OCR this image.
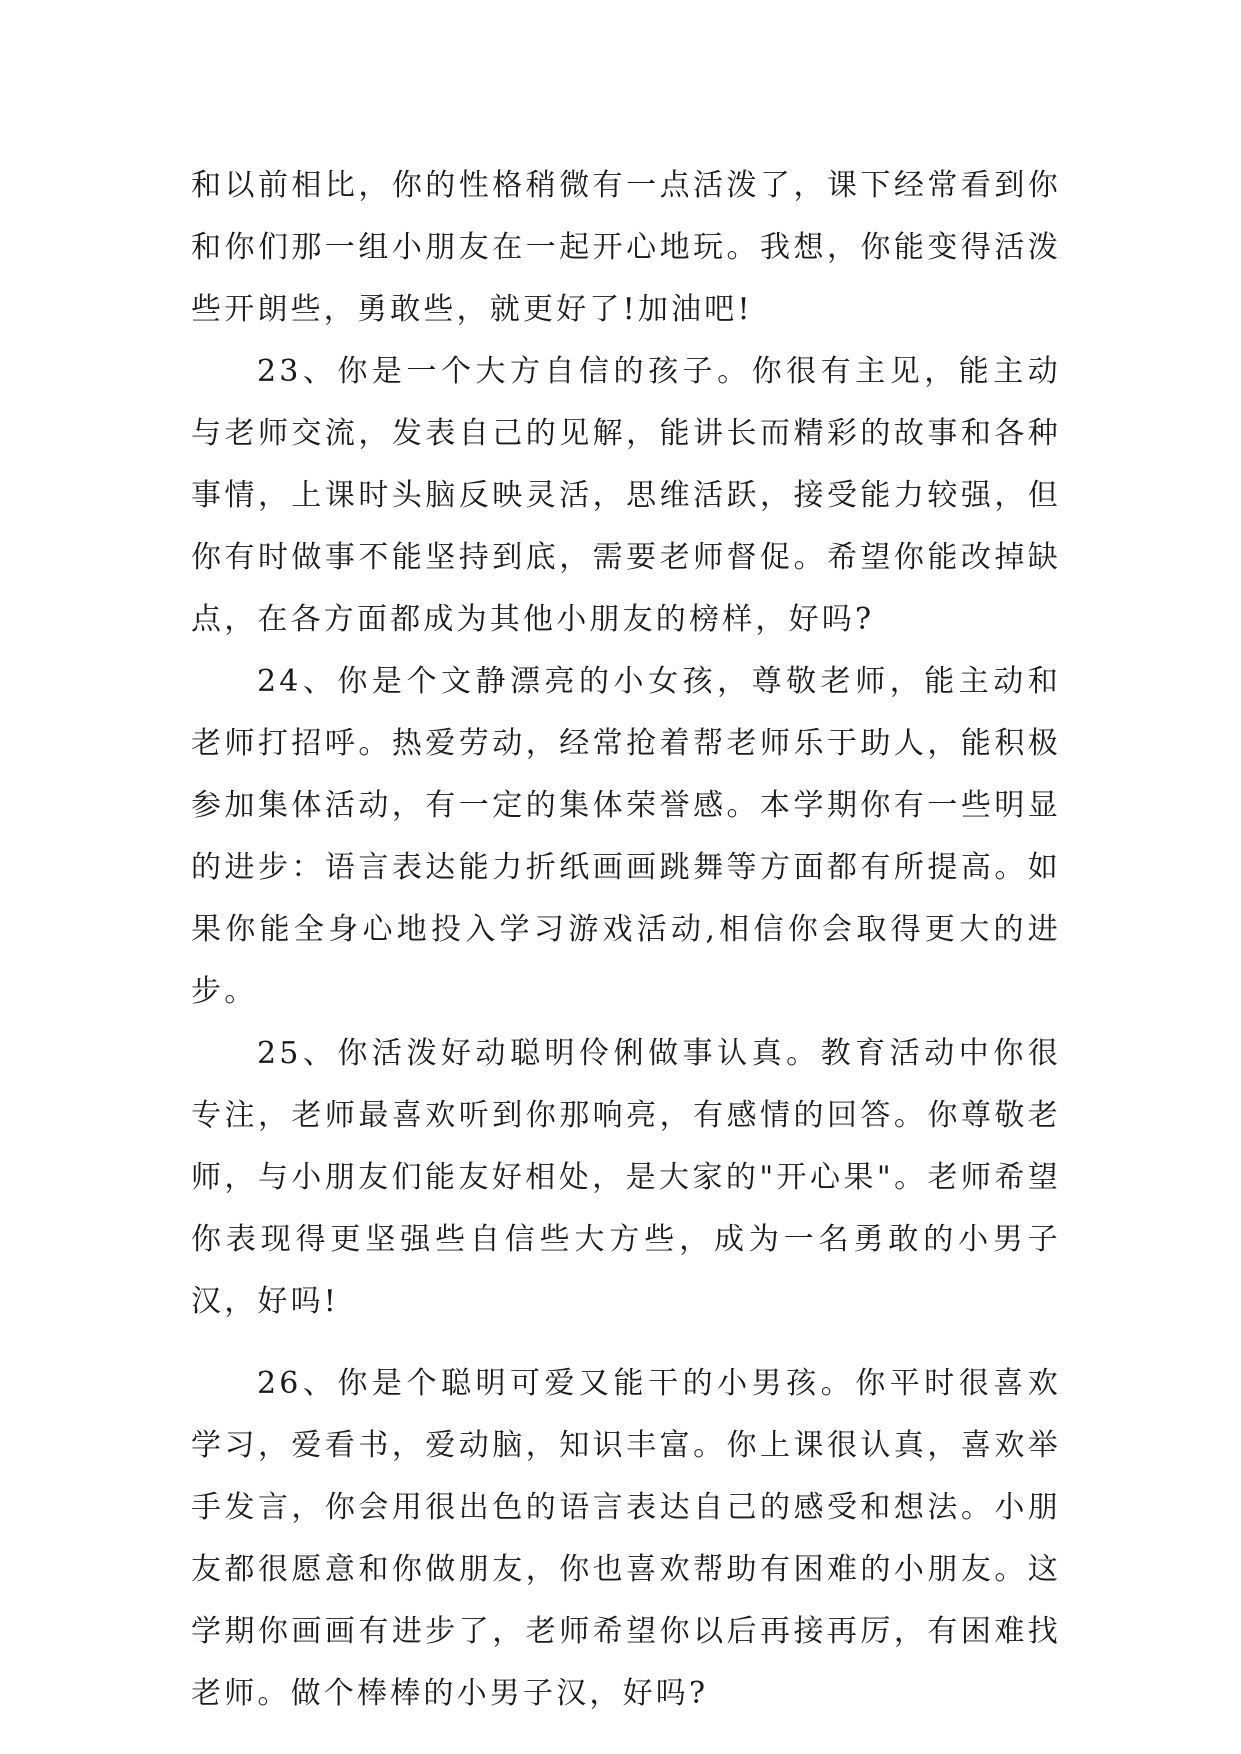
和以前相比，你的性格稍微有一点活泼了，课下经常看到你和你们那一组小朋友在一起开心地玩。我想，你能变得活泼些开朗些，勇敢些，就更好了!加油吧!

23、你是一个大方自信的孩子。你很有主见，能主动与老师交流，发表自己的见解，能讲长而精彩的故事和各种事情，上课时头脑反映灵活，思维活跃，接受能力较强，但你有时做事不能坚持到底，需要老师督促。希望你能改掉缺点，在各方面都成为其他小朋友的榜样，好吗?

24、你是个文静漂亮的小女孩，尊敬老师，能主动和老师打招呼。热爱劳动，经常抢着帮老师乐于助人，能积极参加集体活动，有一定的集体荣誉感。本学期你有一些明显的进步：语言表达能力折纸画画跳舞等方面都有所提高。如果你能全身心地投入学习游戏活动,相信你会取得更大的进步。

25、你活泼好动聪明伶俐做事认真。教育活动中你很专注，老师最喜欢听到你那响亮，有感情的回答。你尊敬老师，与小朋友们能友好相处，是大家的"开心果"。老师希望你表现得更坚强些自信些大方些，成为一名勇敢的小男子汉，好吗!

26、你是个聪明可爱又能干的小男孩。你平时很喜欢学习，爱看书，爱动脑，知识丰富。你上课很认真，喜欢举手发言，你会用很出色的语言表达自己的感受和想法。小朋友都很愿意和你做朋友，你也喜欢帮助有困难的小朋友。这学期你画画有进步了，老师希望你以后再接再厉，有困难找老师。做个棒棒的小男子汉，好吗?
